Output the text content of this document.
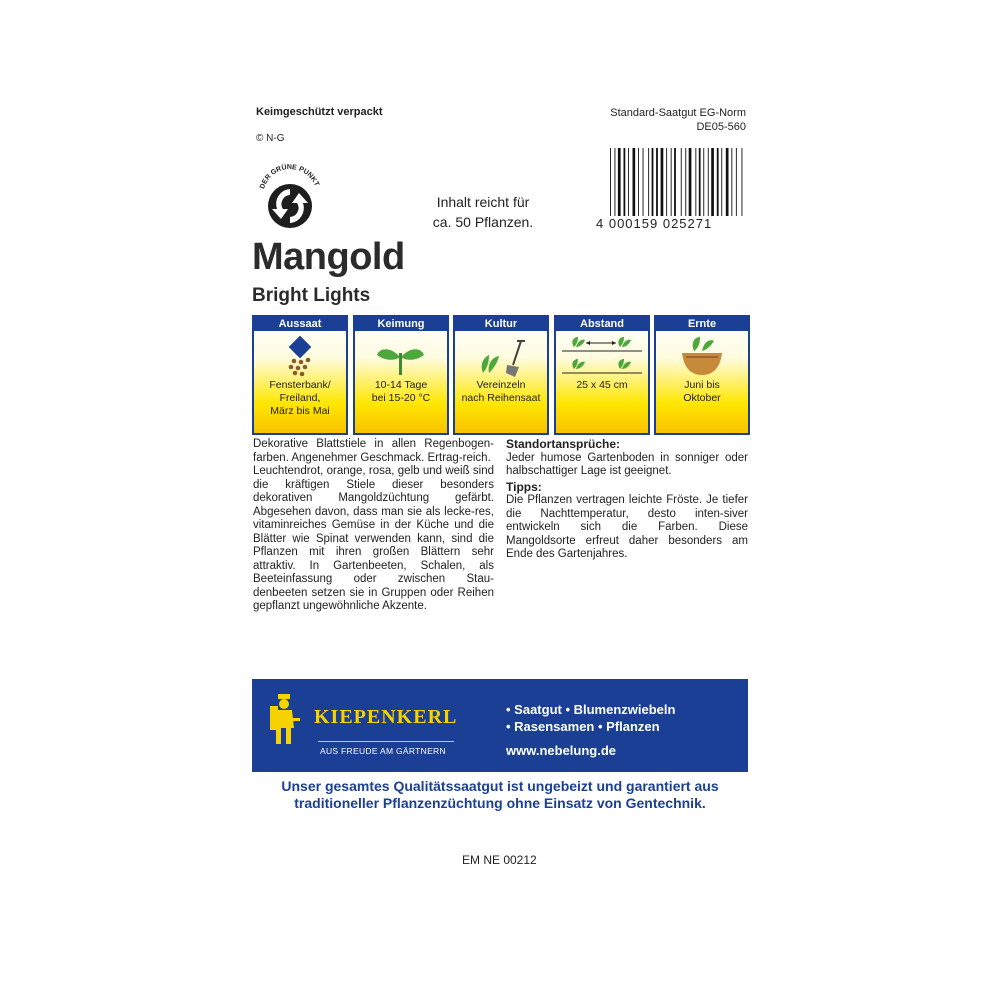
Keimgeschützt verpackt
© N-G
Standard-Saatgut EG-Norm
DE05-560
4 000159 025271
DER GRÜNE PUNKT
Inhalt reicht für
ca. 50 Pflanzen.
Mangold
Bright Lights
Aussaat
Fensterbank/
Freiland,
März bis Mai
Keimung
10-14 Tage
bei 15-20 °C
Kultur
Vereinzeln
nach Reihensaat
Abstand
25 x 45 cm
Ernte
Juni bis
Oktober
Dekorative Blattstiele in allen Regenbogen-farben. Angenehmer Geschmack. Ertrag-reich.
Leuchtendrot, orange, rosa, gelb und weiß sind die kräftigen Stiele dieser besonders dekorativen Mangoldzüchtung gefärbt. Abgesehen davon, dass man sie als lecke-res, vitaminreiches Gemüse in der Küche und die Blätter wie Spinat verwenden kann, sind die Pflanzen mit ihren großen Blättern sehr attraktiv. In Gartenbeeten, Schalen, als Beeteinfassung oder zwischen Stau-denbeeten setzen sie in Gruppen oder Reihen gepflanzt ungewöhnliche Akzente.
Standortansprüche:
Jeder humose Gartenboden in sonniger oder halbschattiger Lage ist geeignet.
Tipps:
Die Pflanzen vertragen leichte Fröste. Je tiefer die Nachttemperatur, desto inten-siver entwickeln sich die Farben. Diese Mangoldsorte erfreut daher besonders am Ende des Gartenjahres.
KIEPENKERL
AUS FREUDE AM GÄRTNERN
• Saatgut • Blumenzwiebeln
• Rasensamen • Pflanzen
www.nebelung.de
Unser gesamtes Qualitätssaatgut ist ungebeizt und garantiert aus
traditioneller Pflanzenzüchtung ohne Einsatz von Gentechnik.
EM NE 00212
